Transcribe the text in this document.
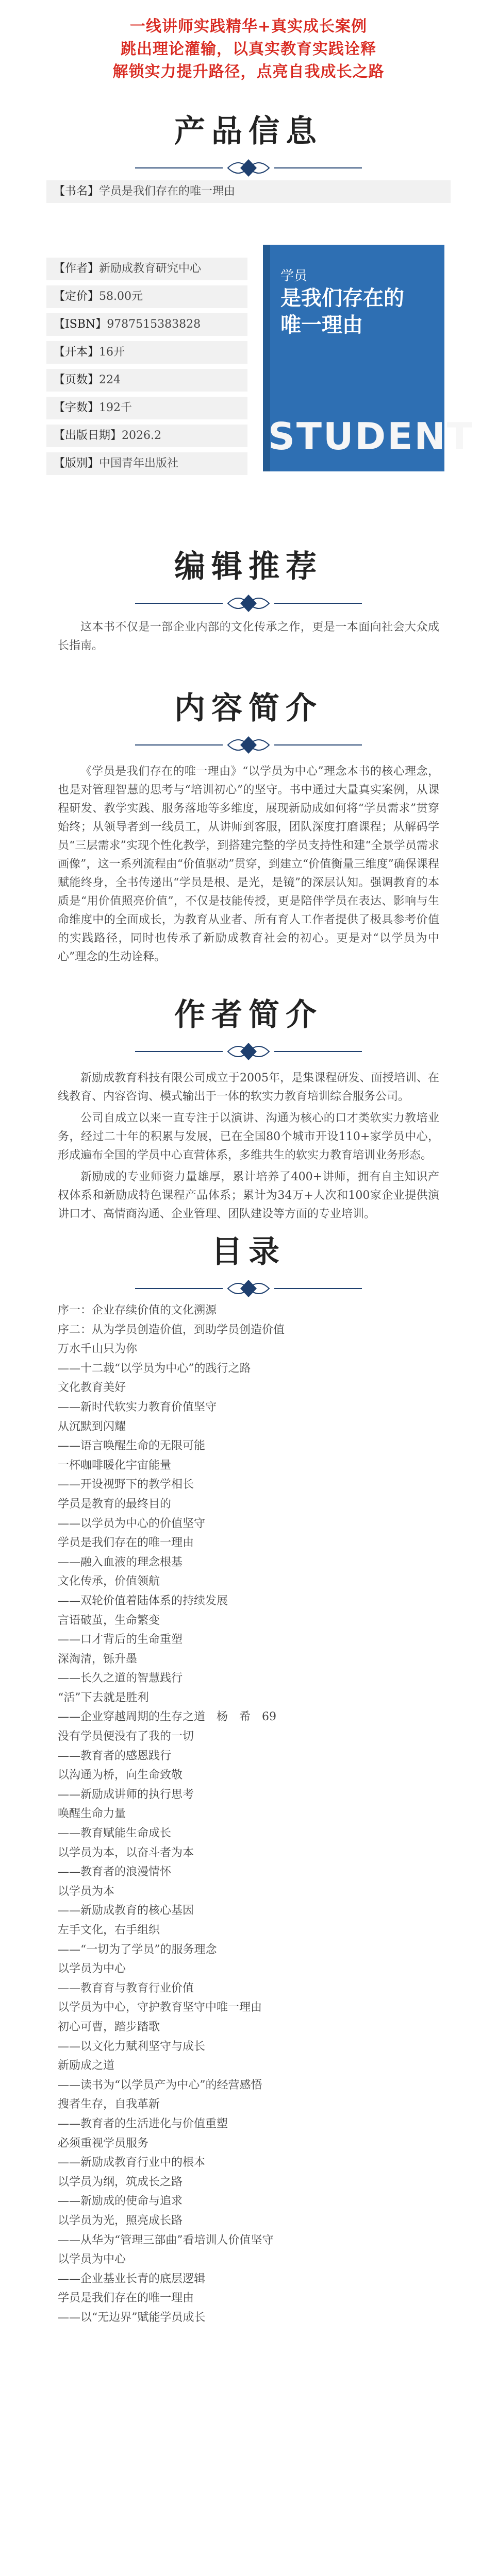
一线讲师实践精华+真实成长案例
跳出理论灌输，以真实教育实践诠释
解锁实力提升路径，点亮自我成长之路
产品信息
【书名】学员是我们存在的唯一理由
【作者】新励成教育研究中心
【定价】58.00元
【ISBN】9787515383828
【开本】16开
【页数】224
【字数】192千
【出版日期】2026.2
【版别】中国青年出版社
学员
是我们存在的
唯一理由
STUDENT
编辑推荐

这本书不仅是一部企业内部的文化传承之作，更是一本面向社会大众成长指南。

内容简介

《学员是我们存在的唯一理由》“以学员为中心”理念本书的核心理念，也是对管理智慧的思考与“培训初心”的坚守。书中通过大量真实案例，从课程研发、教学实践、服务落地等多维度，展现新励成如何将“学员需求”贯穿始终；从领导者到一线员工，从讲师到客服，团队深度打磨课程；从解码学员“三层需求”实现个性化教学，到搭建完整的学员支持性和建“全景学员需求画像”，这一系列流程由“价值驱动”贯穿，到建立“价值衡量三维度”确保课程赋能终身，全书传递出“学员是根、是光，是镜”的深层认知。强调教育的本质是“用价值照亮价值”，不仅是技能传授，更是陪伴学员在表达、影响与生命维度中的全面成长，为教育从业者、所有育人工作者提供了极具参考价值的实践路径，同时也传承了新励成教育社会的初心。更是对“以学员为中心”理念的生动诠释。

作者简介

新励成教育科技有限公司成立于2005年，是集课程研发、面授培训、在线教育、内容咨询、模式输出于一体的软实力教育培训综合服务公司。

公司自成立以来一直专注于以演讲、沟通为核心的口才类软实力教培业务，经过二十年的积累与发展，已在全国80个城市开设110+家学员中心，形成遍布全国的学员中心直营体系，多维共生的软实力教育培训业务形态。

新励成的专业师资力量雄厚，累计培养了400+讲师，拥有自主知识产权体系和新励成特色课程产品体系；累计为34万+人次和100家企业提供演讲口才、高情商沟通、企业管理、团队建设等方面的专业培训。

目录
序一：企业存续价值的文化溯源
序二：从为学员创造价值，到助学员创造价值
万水千山只为你
——十二载“以学员为中心”的践行之路
文化教育美好
——新时代软实力教育价值坚守
从沉默到闪耀
——语言唤醒生命的无限可能
一杯咖啡暖化宇宙能量
——开设视野下的教学相长
学员是教育的最终目的
——以学员为中心的价值坚守
学员是我们存在的唯一理由
——融入血液的理念根基
文化传承，价值领航
——双轮价值着陆体系的持续发展
言语破茧，生命繁变
——口才背后的生命重塑
深淘清，铄升墨
——长久之道的智慧践行
“活”下去就是胜利
——企业穿越周期的生存之道　杨　希　69
没有学员便没有了我的一切
——教育者的感恩践行
以沟通为桥，向生命致敬
——新励成讲师的执行思考
唤醒生命力量
——教育赋能生命成长
以学员为本，以奋斗者为本
——教育者的浪漫情怀
以学员为本
——新励成教育的核心基因
左手文化，右手组织
——“一切为了学员”的服务理念
以学员为中心
——教育育与教育行业价值
以学员为中心，守护教育坚守中唯一理由
初心可曹，踏步踏歌
——以文化力赋利坚守与成长
新励成之道
——读书为“以学员产为中心”的经营感悟
搜者生存，自我革新
——教育者的生活进化与价值重塑
必须重视学员服务
——新励成教育行业中的根本
以学员为纲，筑成长之路
——新励成的使命与追求
以学员为光，照亮成长路
——从华为“管理三部曲”看培训人价值坚守
以学员为中心
——企业基业长青的底层逻辑
学员是我们存在的唯一理由
——以“无边界”赋能学员成长
